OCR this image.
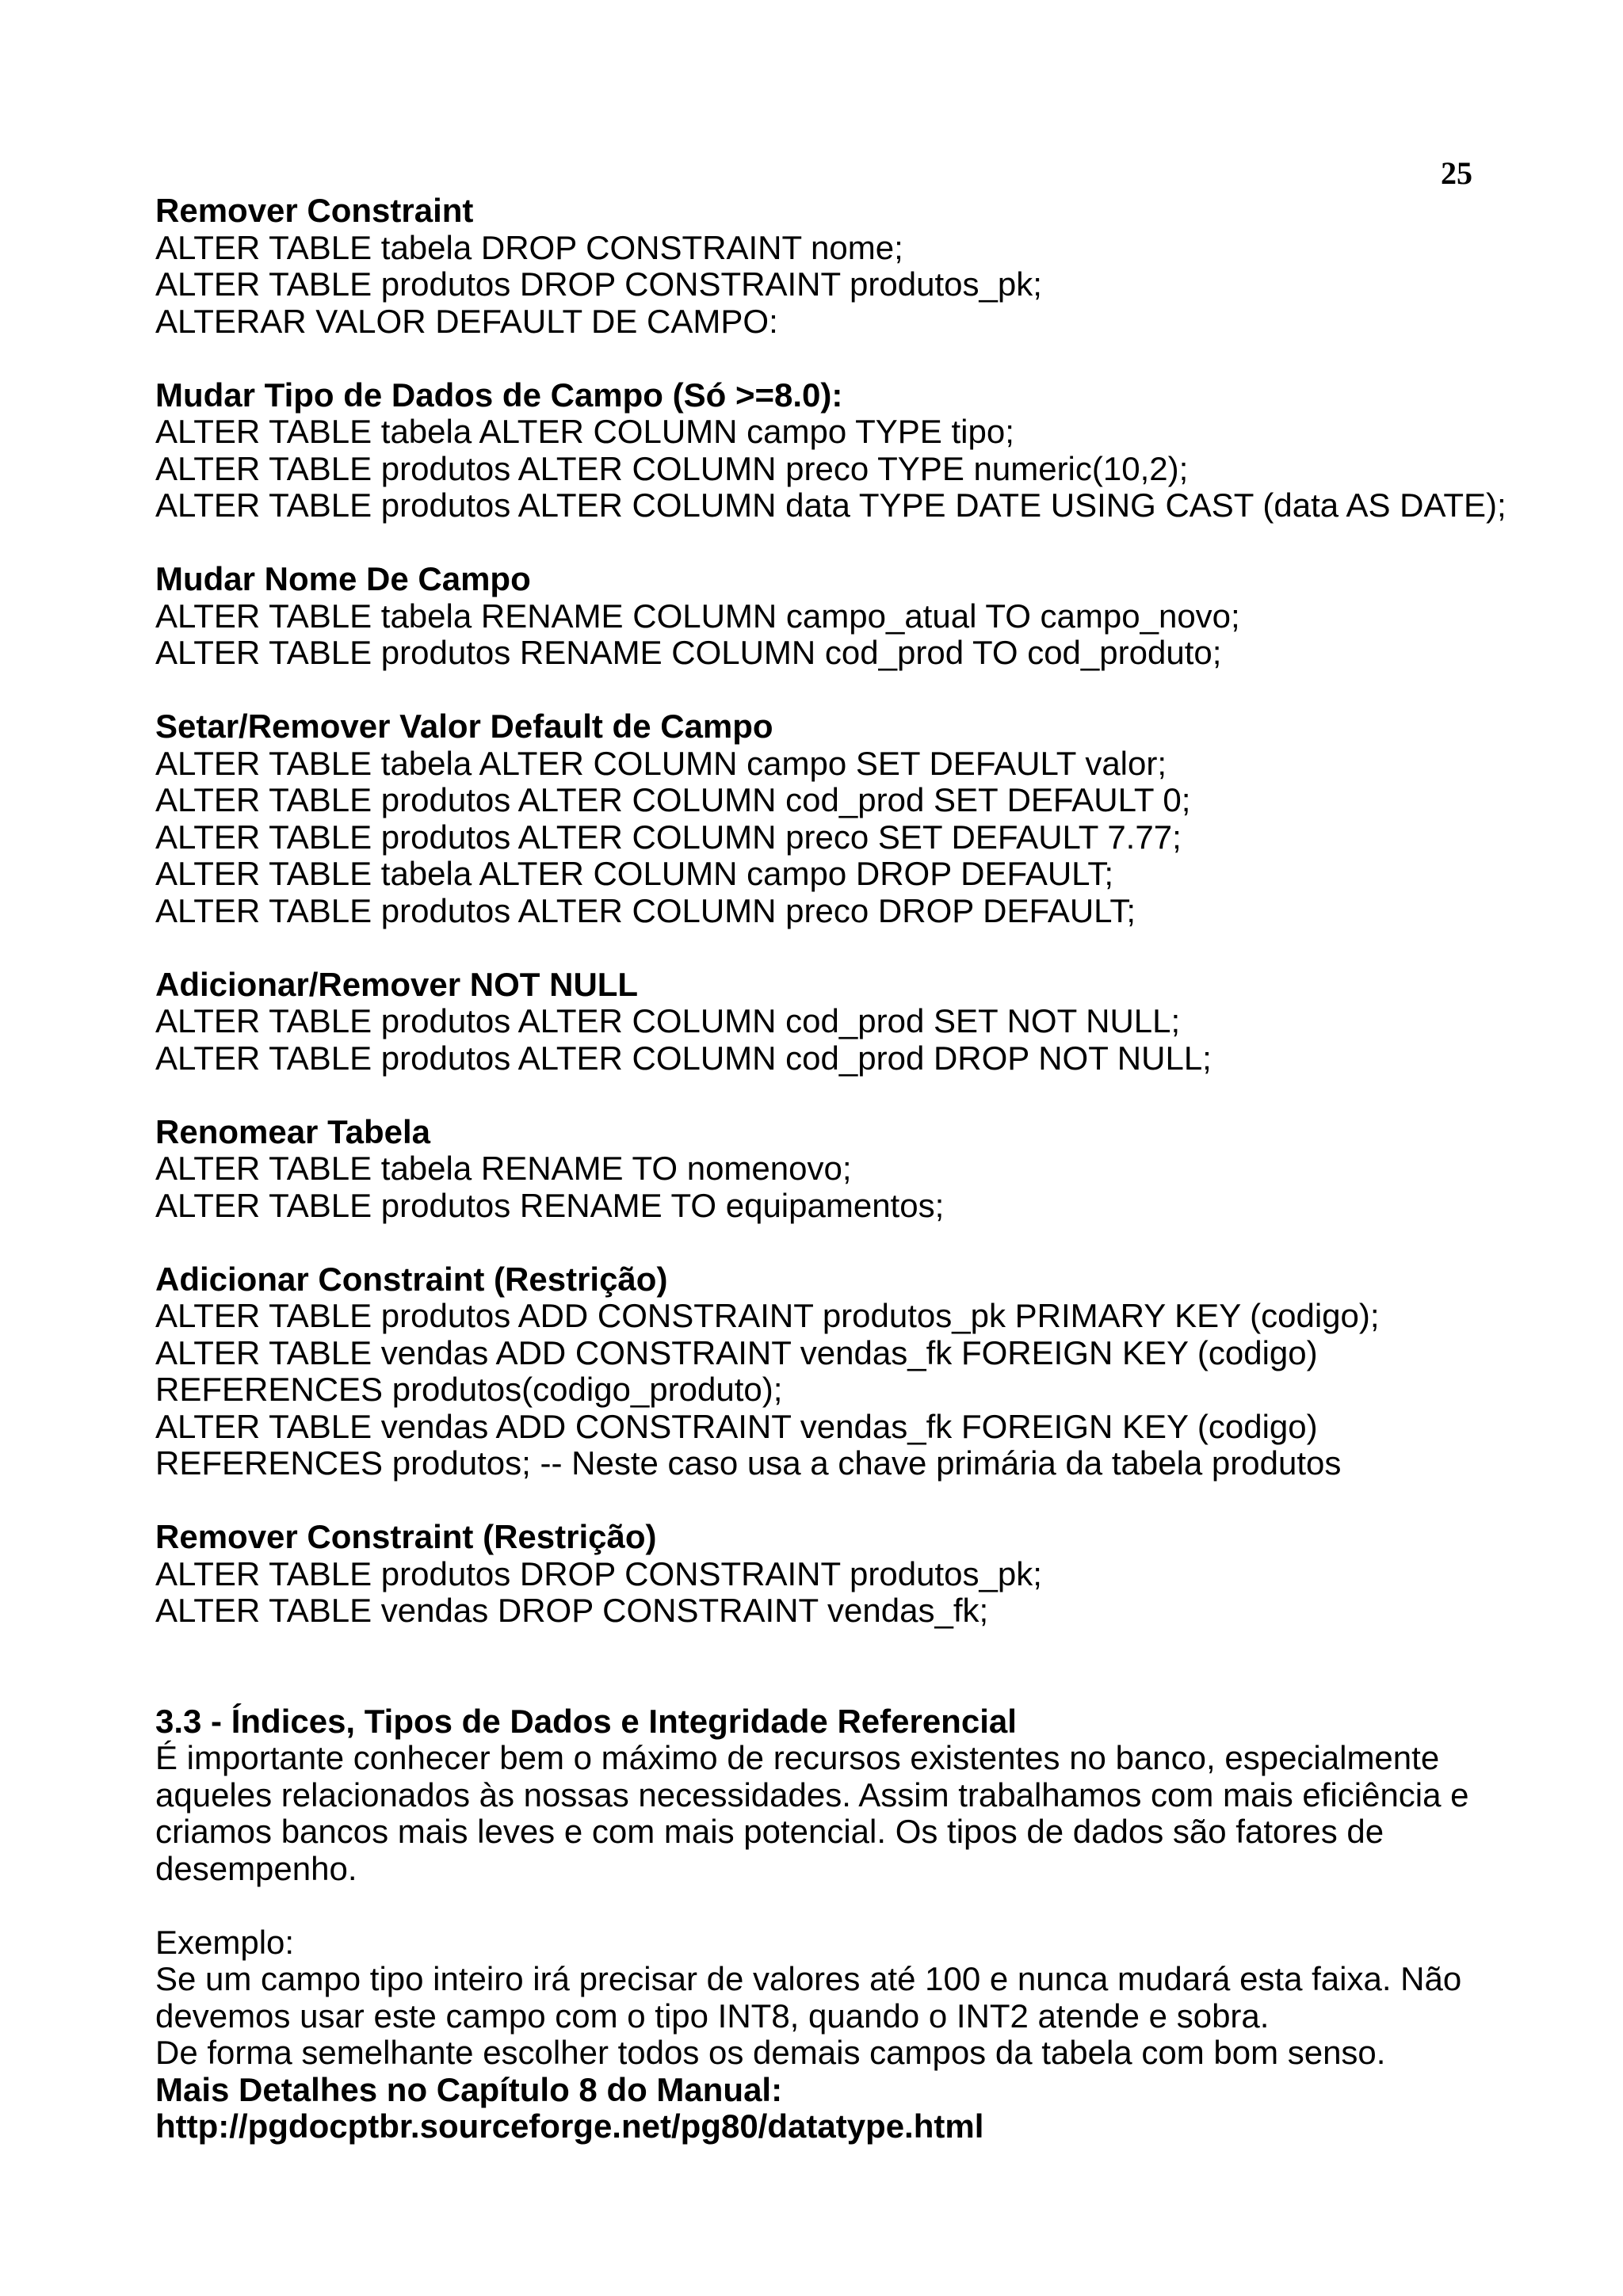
25
Remover Constraint
ALTER TABLE tabela DROP CONSTRAINT nome;
ALTER TABLE produtos DROP CONSTRAINT produtos_pk;
ALTERAR VALOR DEFAULT DE CAMPO:
Mudar Tipo de Dados de Campo (Só >=8.0):
ALTER TABLE tabela ALTER COLUMN campo TYPE tipo;
ALTER TABLE produtos ALTER COLUMN preco TYPE numeric(10,2);
ALTER TABLE produtos ALTER COLUMN data TYPE DATE USING CAST (data AS DATE);
Mudar Nome De Campo
ALTER TABLE tabela RENAME COLUMN campo_atual TO campo_novo;
ALTER TABLE produtos RENAME COLUMN cod_prod TO cod_produto;
Setar/Remover Valor Default de Campo
ALTER TABLE tabela ALTER COLUMN campo SET DEFAULT valor;
ALTER TABLE produtos ALTER COLUMN cod_prod SET DEFAULT 0;
ALTER TABLE produtos ALTER COLUMN preco SET DEFAULT 7.77;
ALTER TABLE tabela ALTER COLUMN campo DROP DEFAULT;
ALTER TABLE produtos ALTER COLUMN preco DROP DEFAULT;
Adicionar/Remover NOT NULL
ALTER TABLE produtos ALTER COLUMN cod_prod SET NOT NULL;
ALTER TABLE produtos ALTER COLUMN cod_prod DROP NOT NULL;
Renomear Tabela
ALTER TABLE tabela RENAME TO nomenovo;
ALTER TABLE produtos RENAME TO equipamentos;
Adicionar Constraint (Restrição)
ALTER TABLE produtos ADD CONSTRAINT produtos_pk PRIMARY KEY (codigo);
ALTER TABLE vendas ADD CONSTRAINT vendas_fk FOREIGN KEY (codigo)
REFERENCES produtos(codigo_produto);
ALTER TABLE vendas ADD CONSTRAINT vendas_fk FOREIGN KEY (codigo)
REFERENCES produtos; -- Neste caso usa a chave primária da tabela produtos
Remover Constraint (Restrição)
ALTER TABLE produtos DROP CONSTRAINT produtos_pk;
ALTER TABLE vendas DROP CONSTRAINT vendas_fk;
3.3 - Índices, Tipos de Dados e Integridade Referencial
É importante conhecer bem o máximo de recursos existentes no banco, especialmente
aqueles relacionados às nossas necessidades. Assim trabalhamos com mais eficiência e
criamos bancos mais leves e com mais potencial. Os tipos de dados são fatores de
desempenho.
Exemplo:
Se um campo tipo inteiro irá precisar de valores até 100 e nunca mudará esta faixa. Não
devemos usar este campo com o tipo INT8, quando o INT2 atende e sobra.
De forma semelhante escolher todos os demais campos da tabela com bom senso.
Mais Detalhes no Capítulo 8 do Manual:
http://pgdocptbr.sourceforge.net/pg80/datatype.html
